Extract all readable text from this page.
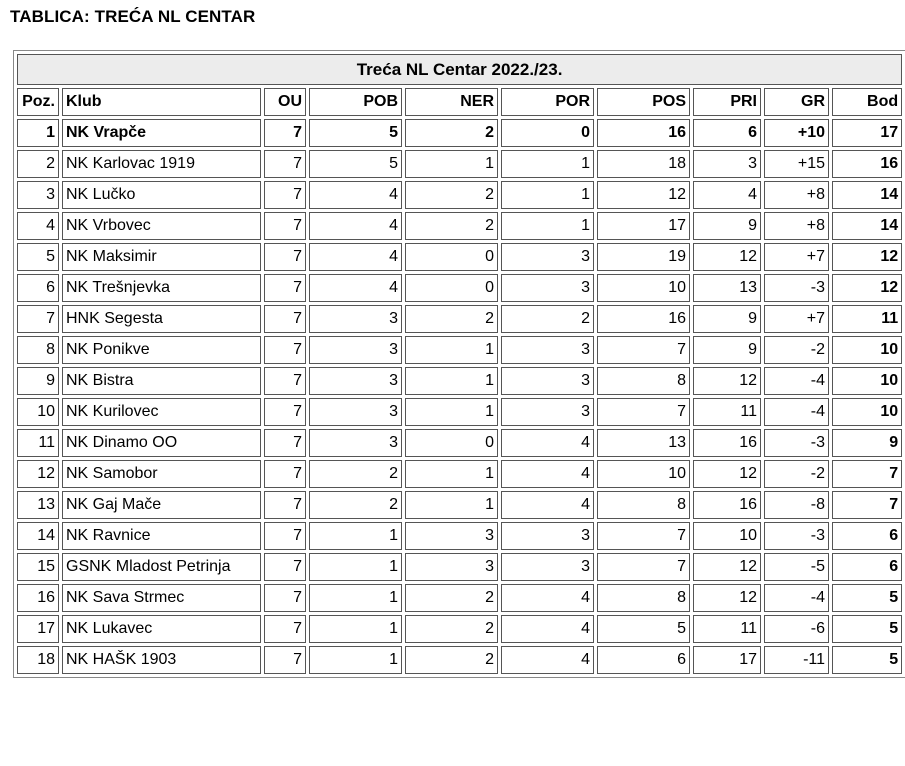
TABLICA: TREĆA NL CENTAR
Treća NL Centar 2022./23.									
Poz.	Klub	OU	POB	NER	POR	POS	PRI	GR	Bod
1	NK Vrapče	7	5	2	0	16	6	+10	17
2	NK Karlovac 1919	7	5	1	1	18	3	+15	16
3	NK Lučko	7	4	2	1	12	4	+8	14
4	NK Vrbovec	7	4	2	1	17	9	+8	14
5	NK Maksimir	7	4	0	3	19	12	+7	12
6	NK Trešnjevka	7	4	0	3	10	13	-3	12
7	HNK Segesta	7	3	2	2	16	9	+7	11
8	NK Ponikve	7	3	1	3	7	9	-2	10
9	NK Bistra	7	3	1	3	8	12	-4	10
10	NK Kurilovec	7	3	1	3	7	11	-4	10
11	NK Dinamo OO	7	3	0	4	13	16	-3	9
12	NK Samobor	7	2	1	4	10	12	-2	7
13	NK Gaj Mače	7	2	1	4	8	16	-8	7
14	NK Ravnice	7	1	3	3	7	10	-3	6
15	GSNK Mladost Petrinja	7	1	3	3	7	12	-5	6
16	NK Sava Strmec	7	1	2	4	8	12	-4	5
17	NK Lukavec	7	1	2	4	5	11	-6	5
18	NK HAŠK 1903	7	1	2	4	6	17	-11	5
